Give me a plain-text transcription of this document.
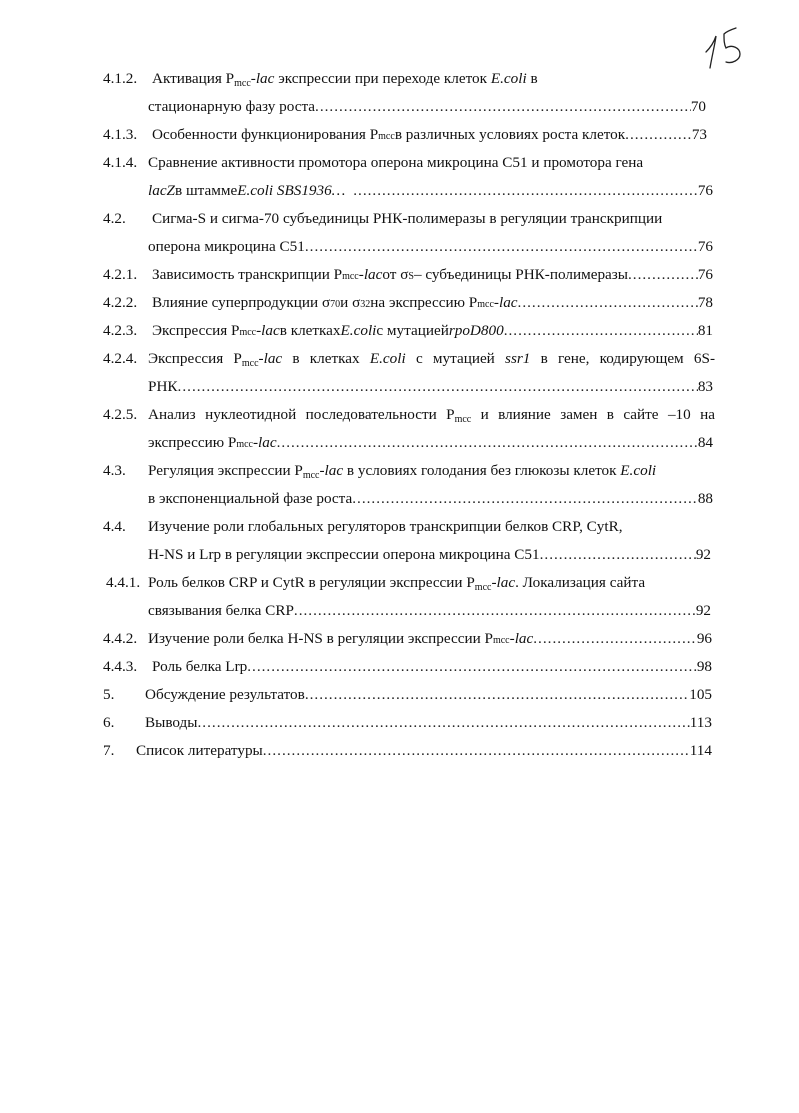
4.1.2. Активация $P_{mcc}$-lac экспрессии при переходе клеток E.coli в
стационарную фазу роста .....	70
4.1.3. Особенности функционирования P mcc в различных условиях роста клеток .....	73
4.1.4. Сравнение активности промотора оперона микроцина С51 и промотора гена
lacZ в штамме E.coli SBS1936… .....	76
4.2. Сигма-S и сигма-70 субъединицы РНК-полимеразы в регуляции транскрипции
оперона микроцина С51 .....	76
4.2.1. Зависимость транскрипции P mcc - lac от σ S – субъединицы РНК-полимеразы .....	76
4.2.2. Влияние суперпродукции σ 70 и σ 32 на экспрессию P mcc - lac .....	78
4.2.3. Экспрессия P mcc - lac в клетках E.coli с мутацией rpoD800 .....	81
4.2.4. Экспрессия $P_{mcc}$-lac в клетках E.coli с мутацией ssr1 в гене, кодирующем 6S-
РНК .....	83
4.2.5. Анализ нуклеотидной последовательности $P_{mcc}$ и влияние замен в сайте –10 на
экспрессию P mcc - lac .....	84
4.3. Регуляция экспрессии $P_{mcc}$-lac в условиях голодания без глюкозы клеток E.coli
в экспоненциальной фазе роста .....	88
4.4. Изучение роли глобальных регуляторов транскрипции белков CRP, CytR,
H-NS и Lrp в регуляции экспрессии оперона микроцина С51 .....	92
4.4.1. Роль белков CRP и CytR в регуляции экспрессии $P_{mcc}$-lac. Локализация сайта
связывания белка CRP .....	92
4.4.2. Изучение роли белка H-NS в регуляции экспрессии P mcc - lac .....	96
4.4.3. Роль белка Lrp .....	98
5. Обсуждение результатов .....	105
6. Выводы .....	113
7. Список литературы .....	114
